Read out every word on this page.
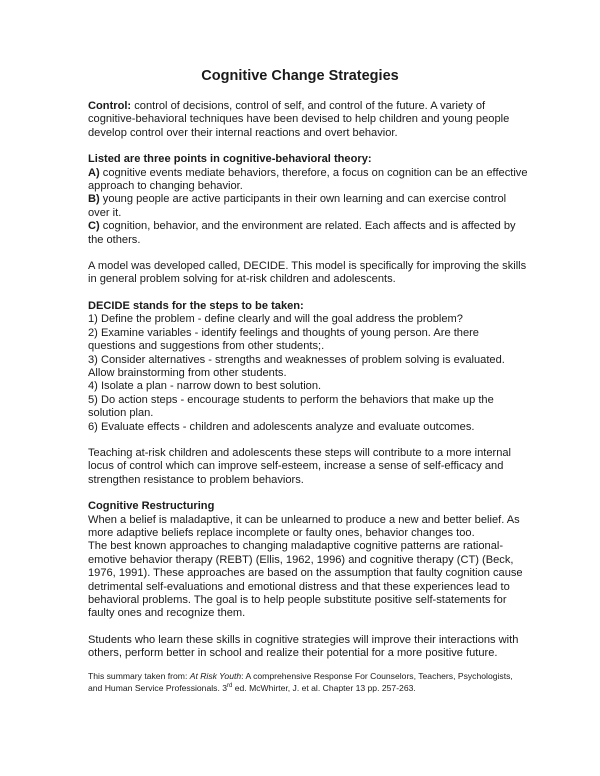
Cognitive Change Strategies

Control: control of decisions, control of self, and control of the future. A variety of cognitive-behavioral techniques have been devised to help children and young people develop control over their internal reactions and overt behavior.

Listed are three points in cognitive-behavioral theory:

A) cognitive events mediate behaviors, therefore, a focus on cognition can be an effective approach to changing behavior.

B) young people are active participants in their own learning and can exercise control over it.

C) cognition, behavior, and the environment are related. Each affects and is affected by the others.

A model was developed called, DECIDE. This model is specifically for improving the skills in general problem solving for at-risk children and adolescents.

DECIDE stands for the steps to be taken:

1) Define the problem - define clearly and will the goal address the problem?

2) Examine variables - identify feelings and thoughts of young person. Are there questions and suggestions from other students;.

3) Consider alternatives - strengths and weaknesses of problem solving is evaluated. Allow brainstorming from other students.

4) Isolate a plan - narrow down to best solution.

5) Do action steps - encourage students to perform the behaviors that make up the solution plan.

6) Evaluate effects - children and adolescents analyze and evaluate outcomes.

Teaching at-risk children and adolescents these steps will contribute to a more internal locus of control which can improve self-esteem, increase a sense of self-efficacy and strengthen resistance to problem behaviors.

Cognitive Restructuring

When a belief is maladaptive, it can be unlearned to produce a new and better belief. As more adaptive beliefs replace incomplete or faulty ones, behavior changes too.

The best known approaches to changing maladaptive cognitive patterns are rational-emotive behavior therapy (REBT) (Ellis, 1962, 1996) and cognitive therapy (CT) (Beck, 1976, 1991). These approaches are based on the assumption that faulty cognition cause detrimental self-evaluations and emotional distress and that these experiences lead to behavioral problems. The goal is to help people substitute positive self-statements for faulty ones and recognize them.

Students who learn these skills in cognitive strategies will improve their interactions with others, perform better in school and realize their potential for a more positive future.

This summary taken from: At Risk Youth: A comprehensive Response For Counselors, Teachers, Psychologists, and Human Service Professionals. 3rd ed. McWhirter, J. et al. Chapter 13 pp. 257-263.
